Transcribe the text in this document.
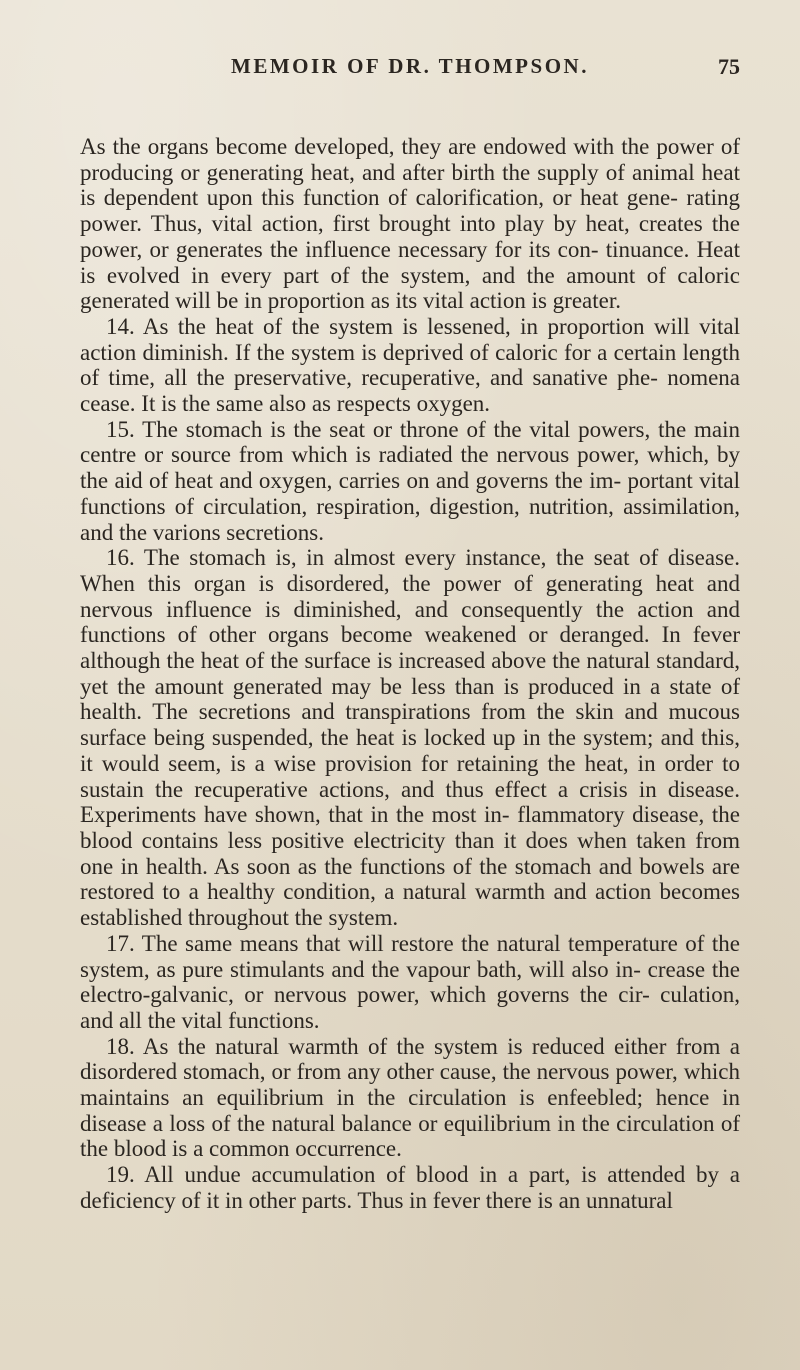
MEMOIR OF DR. THOMPSON.	75

As the organs become developed, they are endowed with the power of producing or generating heat, and after birth the supply of animal heat is dependent upon this function of calorification, or heat gene- rating power. Thus, vital action, first brought into play by heat, creates the power, or generates the influence necessary for its con- tinuance. Heat is evolved in every part of the system, and the amount of caloric generated will be in proportion as its vital action is greater.

14. As the heat of the system is lessened, in proportion will vital action diminish. If the system is deprived of caloric for a certain length of time, all the preservative, recuperative, and sanative phe- nomena cease. It is the same also as respects oxygen.

15. The stomach is the seat or throne of the vital powers, the main centre or source from which is radiated the nervous power, which, by the aid of heat and oxygen, carries on and governs the im- portant vital functions of circulation, respiration, digestion, nutrition, assimilation, and the varions secretions.

16. The stomach is, in almost every instance, the seat of disease. When this organ is disordered, the power of generating heat and nervous influence is diminished, and consequently the action and functions of other organs become weakened or deranged. In fever although the heat of the surface is increased above the natural standard, yet the amount generated may be less than is produced in a state of health. The secretions and transpirations from the skin and mucous surface being suspended, the heat is locked up in the system; and this, it would seem, is a wise provision for retaining the heat, in order to sustain the recuperative actions, and thus effect a crisis in disease. Experiments have shown, that in the most in- flammatory disease, the blood contains less positive electricity than it does when taken from one in health. As soon as the functions of the stomach and bowels are restored to a healthy condition, a natural warmth and action becomes established throughout the system.

17. The same means that will restore the natural temperature of the system, as pure stimulants and the vapour bath, will also in- crease the electro-galvanic, or nervous power, which governs the cir- culation, and all the vital functions.

18. As the natural warmth of the system is reduced either from a disordered stomach, or from any other cause, the nervous power, which maintains an equilibrium in the circulation is enfeebled; hence in disease a loss of the natural balance or equilibrium in the circulation of the blood is a common occurrence.

19. All undue accumulation of blood in a part, is attended by a deficiency of it in other parts. Thus in fever there is an unnatural
